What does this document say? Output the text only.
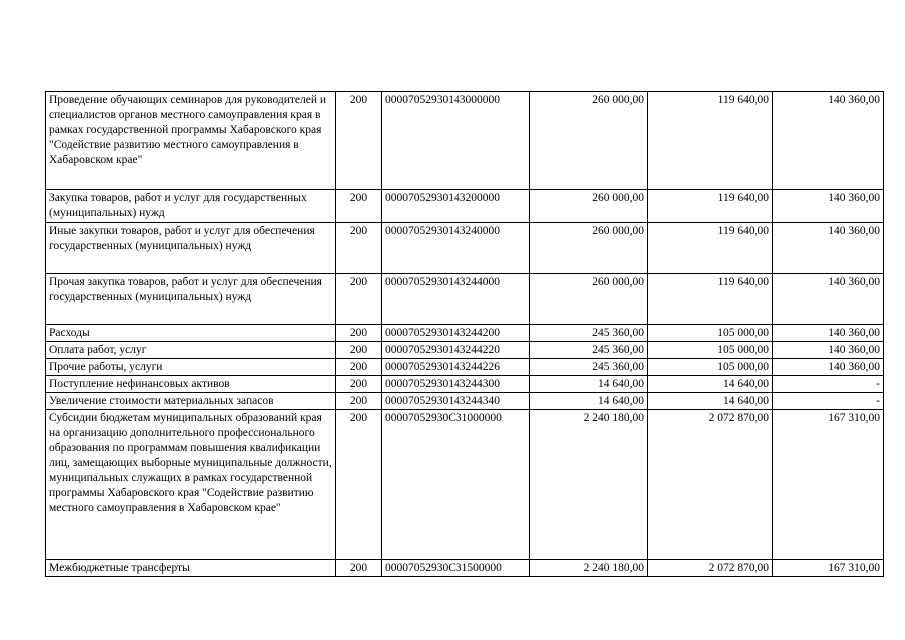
Проведение обучающих семинаров для руководителей и специалистов органов местного самоуправления края в рамках государственной программы Хабаровского края "Содействие развитию местного самоуправления в Хабаровском крае"	200	00007052930143000000	260 000,00	119 640,00	140 360,00
Закупка товаров, работ и услуг для государственных (муниципальных) нужд	200	00007052930143200000	260 000,00	119 640,00	140 360,00
Иные закупки товаров, работ и услуг для обеспечения государственных (муниципальных) нужд	200	00007052930143240000	260 000,00	119 640,00	140 360,00
Прочая закупка товаров, работ и услуг для обеспечения государственных (муниципальных) нужд	200	00007052930143244000	260 000,00	119 640,00	140 360,00
Расходы	200	00007052930143244200	245 360,00	105 000,00	140 360,00
Оплата работ, услуг	200	00007052930143244220	245 360,00	105 000,00	140 360,00
Прочие работы, услуги	200	00007052930143244226	245 360,00	105 000,00	140 360,00
Поступление нефинансовых активов	200	00007052930143244300	14 640,00	14 640,00	-
Увеличение стоимости материальных запасов	200	00007052930143244340	14 640,00	14 640,00	-
Субсидии бюджетам муниципальных образований края на организацию дополнительного профессионального образования по программам повышения квалификации лиц, замещающих выборные муниципальные должности, муниципальных служащих в рамках государственной программы Хабаровского края "Содействие развитию местного самоуправления в Хабаровском крае"	200	00007052930C31000000	2 240 180,00	2 072 870,00	167 310,00
Межбюджетные трансферты	200	00007052930C31500000	2 240 180,00	2 072 870,00	167 310,00
